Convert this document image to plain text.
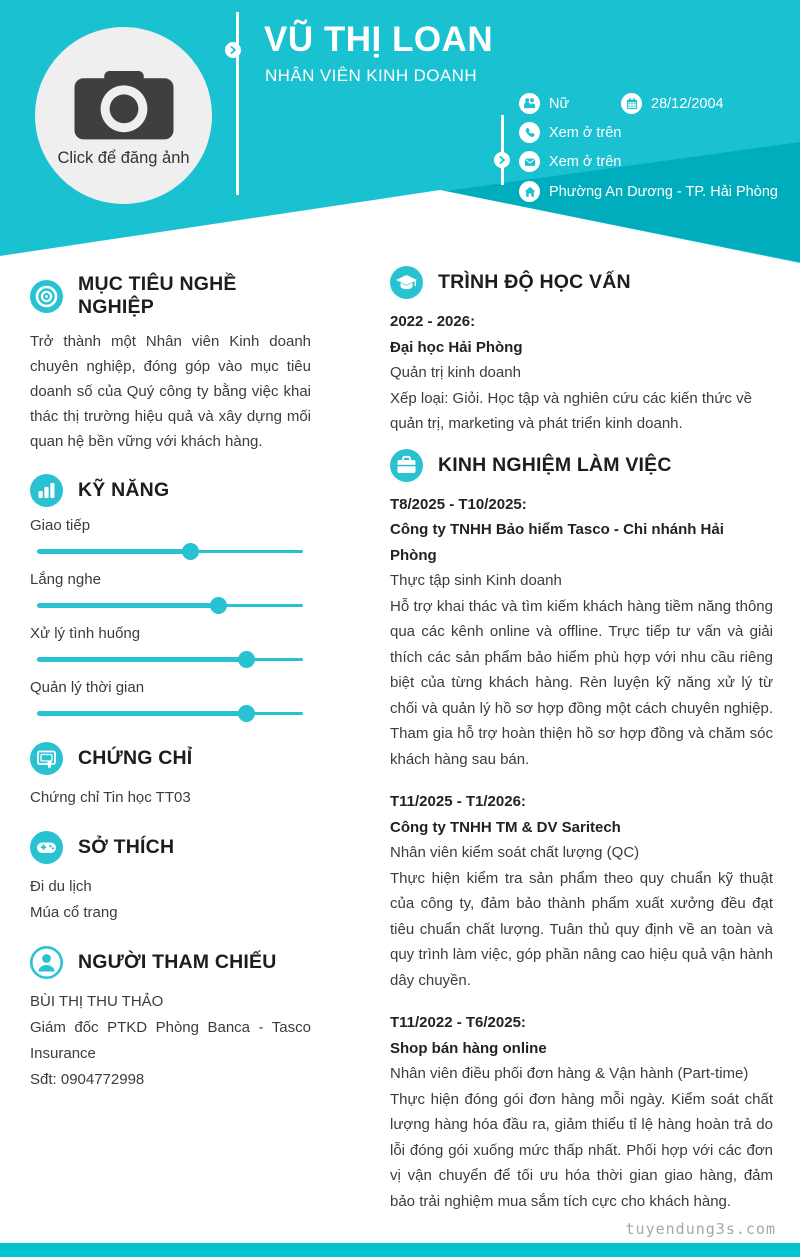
Click để đăng ảnh
VŨ THỊ LOAN
NHÂN VIÊN KINH DOANH
Nữ	28/12/2004
Xem ở trên
Xem ở trên
Phường An Dương - TP. Hải Phòng
MỤC TIÊU NGHỀ NGHIỆP

Trở thành một Nhân viên Kinh doanh chuyên nghiệp, đóng góp vào mục tiêu doanh số của Quý công ty bằng việc khai thác thị trường hiệu quả và xây dựng mối quan hệ bền vững với khách hàng.

KỸ NĂNG
Giao tiếp
Lắng nghe
Xử lý tình huống
Quản lý thời gian
CHỨNG CHỈ

Chứng chỉ Tin học TT03

SỞ THÍCH

Đi du lịch

Múa cổ trang

NGƯỜI THAM CHIẾU

BÙI THỊ THU THẢO

Giám đốc PTKD Phòng Banca - Tasco Insurance

Sđt: 0904772998

TRÌNH ĐỘ HỌC VẤN

2022 - 2026:

Đại học Hải Phòng

Quản trị kinh doanh

Xếp loại: Giỏi. Học tập và nghiên cứu các kiến thức về quản trị, marketing và phát triển kinh doanh.

KINH NGHIỆM LÀM VIỆC

T8/2025 - T10/2025:

Công ty TNHH Bảo hiểm Tasco - Chi nhánh Hải Phòng

Thực tập sinh Kinh doanh

Hỗ trợ khai thác và tìm kiếm khách hàng tiềm năng thông qua các kênh online và offline. Trực tiếp tư vấn và giải thích các sản phẩm bảo hiểm phù hợp với nhu cầu riêng biệt của từng khách hàng. Rèn luyện kỹ năng xử lý từ chối và quản lý hồ sơ hợp đồng một cách chuyên nghiệp. Tham gia hỗ trợ hoàn thiện hồ sơ hợp đồng và chăm sóc khách hàng sau bán.

T11/2025 - T1/2026:

Công ty TNHH TM & DV Saritech

Nhân viên kiểm soát chất lượng (QC)

Thực hiện kiểm tra sản phẩm theo quy chuẩn kỹ thuật của công ty, đảm bảo thành phẩm xuất xưởng đều đạt tiêu chuẩn chất lượng. Tuân thủ quy định về an toàn và quy trình làm việc, góp phần nâng cao hiệu quả vận hành dây chuyền.

T11/2022 - T6/2025:

Shop bán hàng online

Nhân viên điều phối đơn hàng & Vận hành (Part-time)

Thực hiện đóng gói đơn hàng mỗi ngày. Kiểm soát chất lượng hàng hóa đầu ra, giảm thiểu tỉ lệ hàng hoàn trả do lỗi đóng gói xuống mức thấp nhất. Phối hợp với các đơn vị vận chuyển để tối ưu hóa thời gian giao hàng, đảm bảo trải nghiệm mua sắm tích cực cho khách hàng.

tuyendung3s.com
